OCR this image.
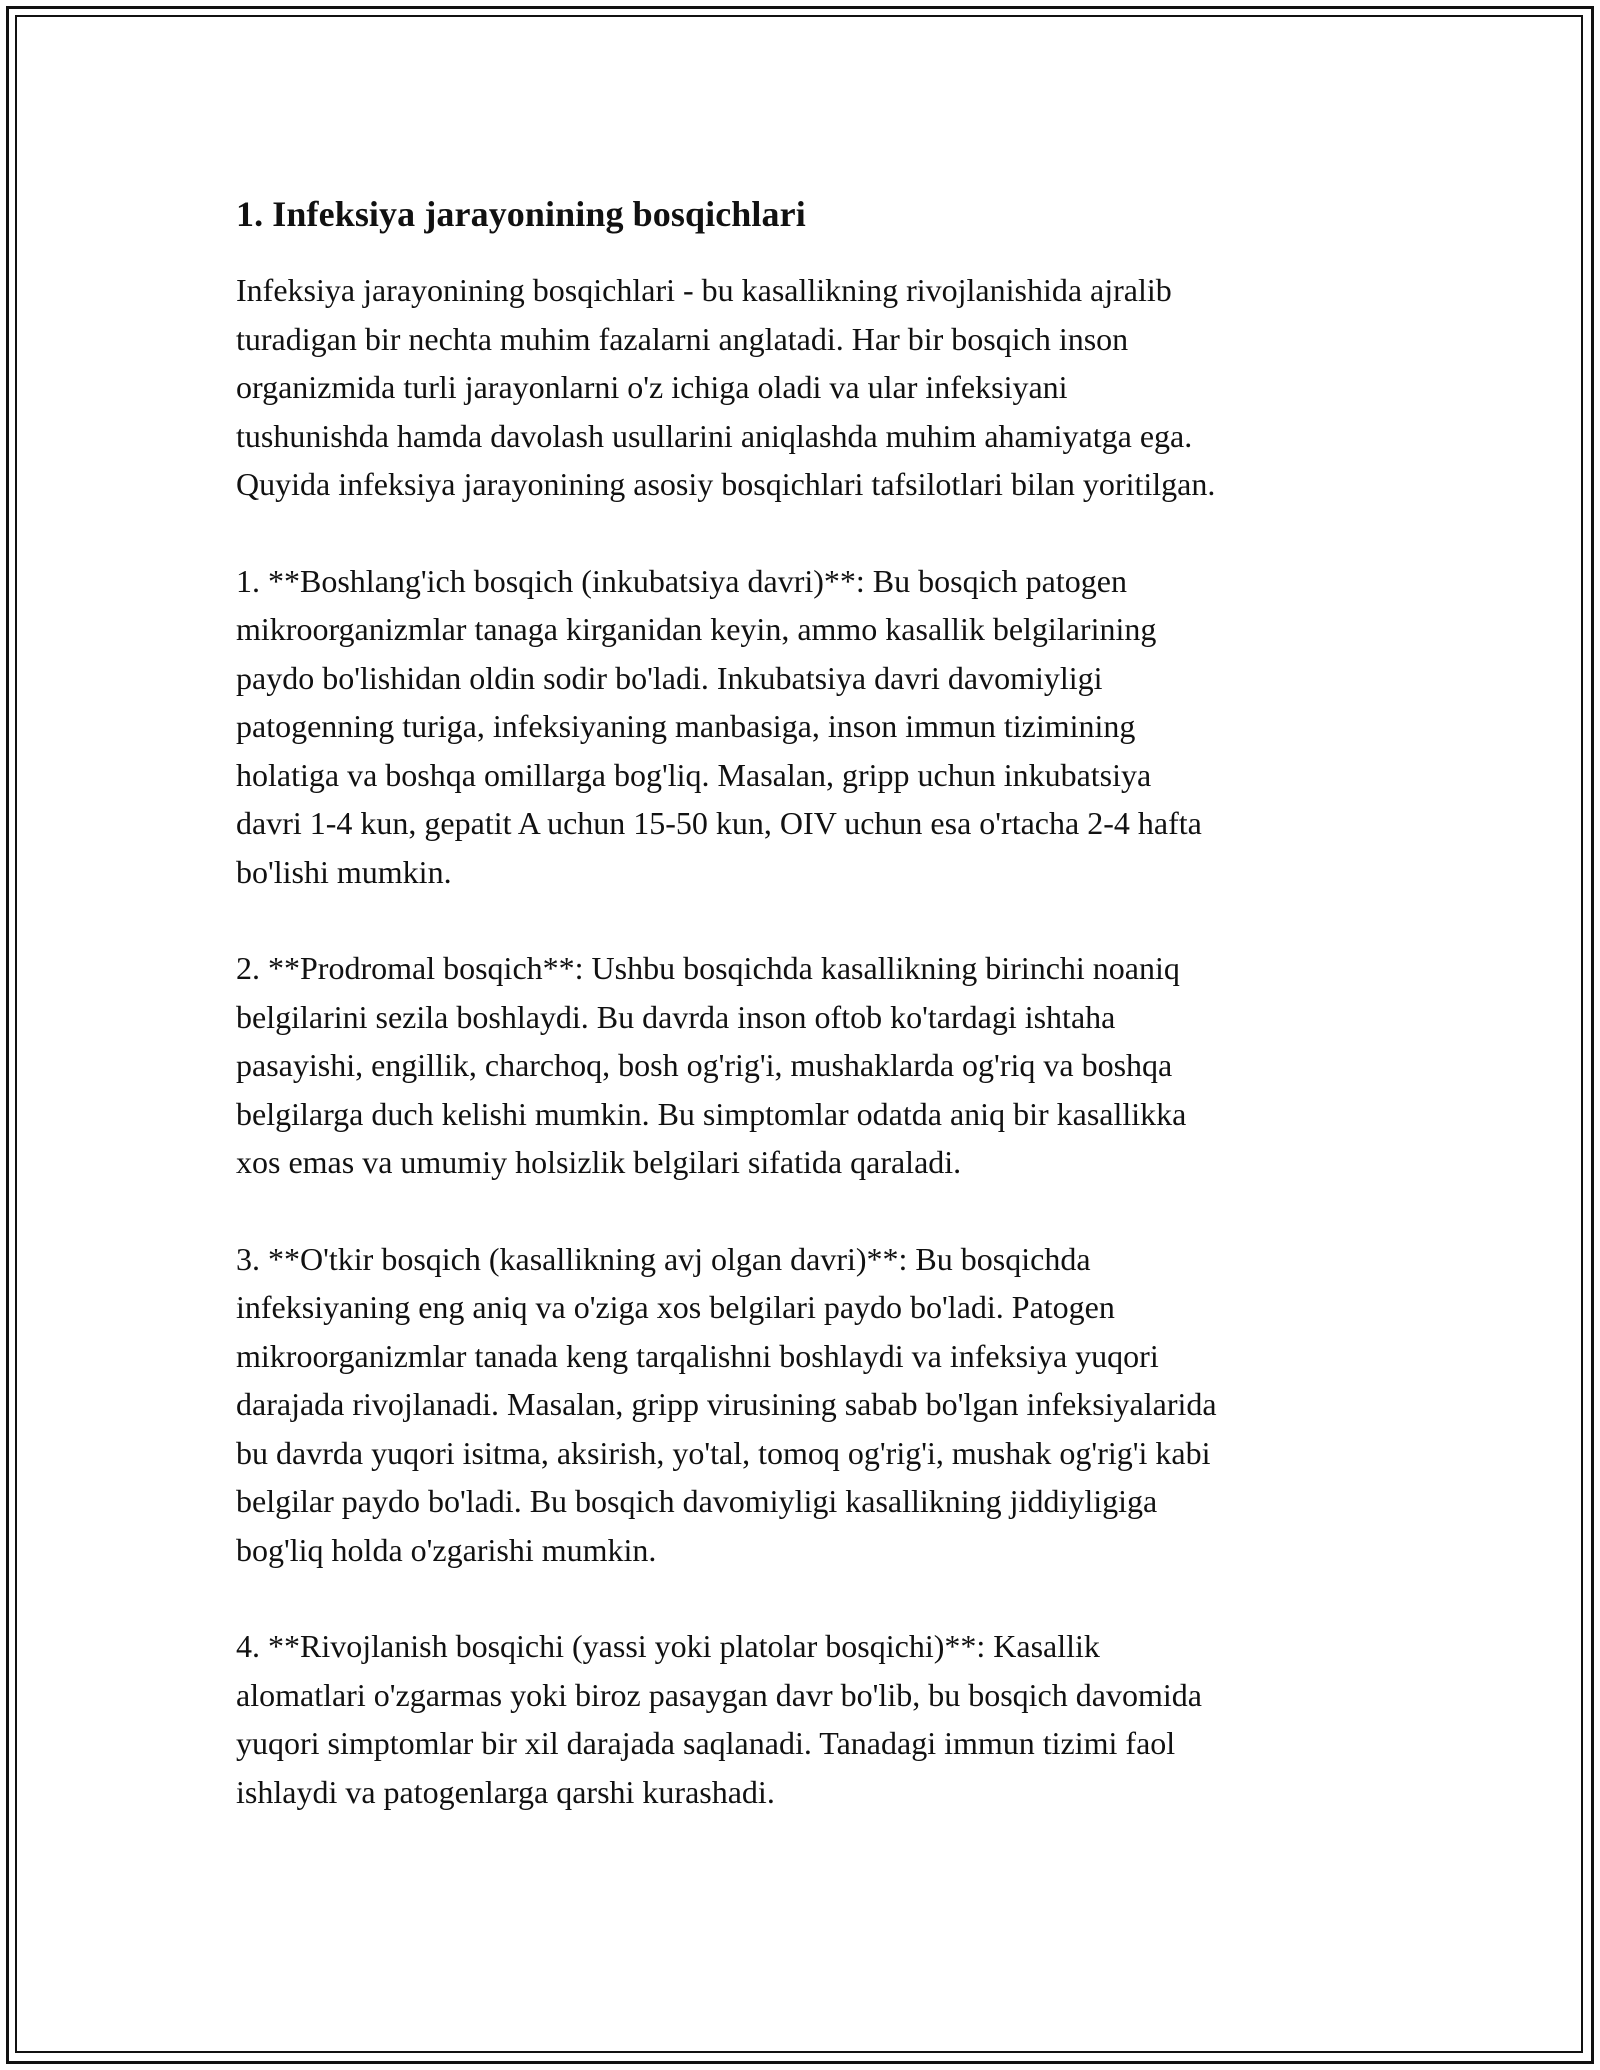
1. Infeksiya jarayonining bosqichlari

Infeksiya jarayonining bosqichlari - bu kasallikning rivojlanishida ajralib
turadigan bir nechta muhim fazalarni anglatadi. Har bir bosqich inson
organizmida turli jarayonlarni o'z ichiga oladi va ular infeksiyani
tushunishda hamda davolash usullarini aniqlashda muhim ahamiyatga ega.
Quyida infeksiya jarayonining asosiy bosqichlari tafsilotlari bilan yoritilgan.

1. **Boshlang'ich bosqich (inkubatsiya davri)**: Bu bosqich patogen
mikroorganizmlar tanaga kirganidan keyin, ammo kasallik belgilarining
paydo bo'lishidan oldin sodir bo'ladi. Inkubatsiya davri davomiyligi
patogenning turiga, infeksiyaning manbasiga, inson immun tizimining
holatiga va boshqa omillarga bog'liq. Masalan, gripp uchun inkubatsiya
davri 1-4 kun, gepatit A uchun 15-50 kun, OIV uchun esa o'rtacha 2-4 hafta
bo'lishi mumkin.

2. **Prodromal bosqich**: Ushbu bosqichda kasallikning birinchi noaniq
belgilarini sezila boshlaydi. Bu davrda inson oftob ko'tardagi ishtaha
pasayishi, engillik, charchoq, bosh og'rig'i, mushaklarda og'riq va boshqa
belgilarga duch kelishi mumkin. Bu simptomlar odatda aniq bir kasallikka
xos emas va umumiy holsizlik belgilari sifatida qaraladi.

3. **O'tkir bosqich (kasallikning avj olgan davri)**: Bu bosqichda
infeksiyaning eng aniq va o'ziga xos belgilari paydo bo'ladi. Patogen
mikroorganizmlar tanada keng tarqalishni boshlaydi va infeksiya yuqori
darajada rivojlanadi. Masalan, gripp virusining sabab bo'lgan infeksiyalarida
bu davrda yuqori isitma, aksirish, yo'tal, tomoq og'rig'i, mushak og'rig'i kabi
belgilar paydo bo'ladi. Bu bosqich davomiyligi kasallikning jiddiyligiga
bog'liq holda o'zgarishi mumkin.

4. **Rivojlanish bosqichi (yassi yoki platolar bosqichi)**: Kasallik
alomatlari o'zgarmas yoki biroz pasaygan davr bo'lib, bu bosqich davomida
yuqori simptomlar bir xil darajada saqlanadi. Tanadagi immun tizimi faol
ishlaydi va patogenlarga qarshi kurashadi.
